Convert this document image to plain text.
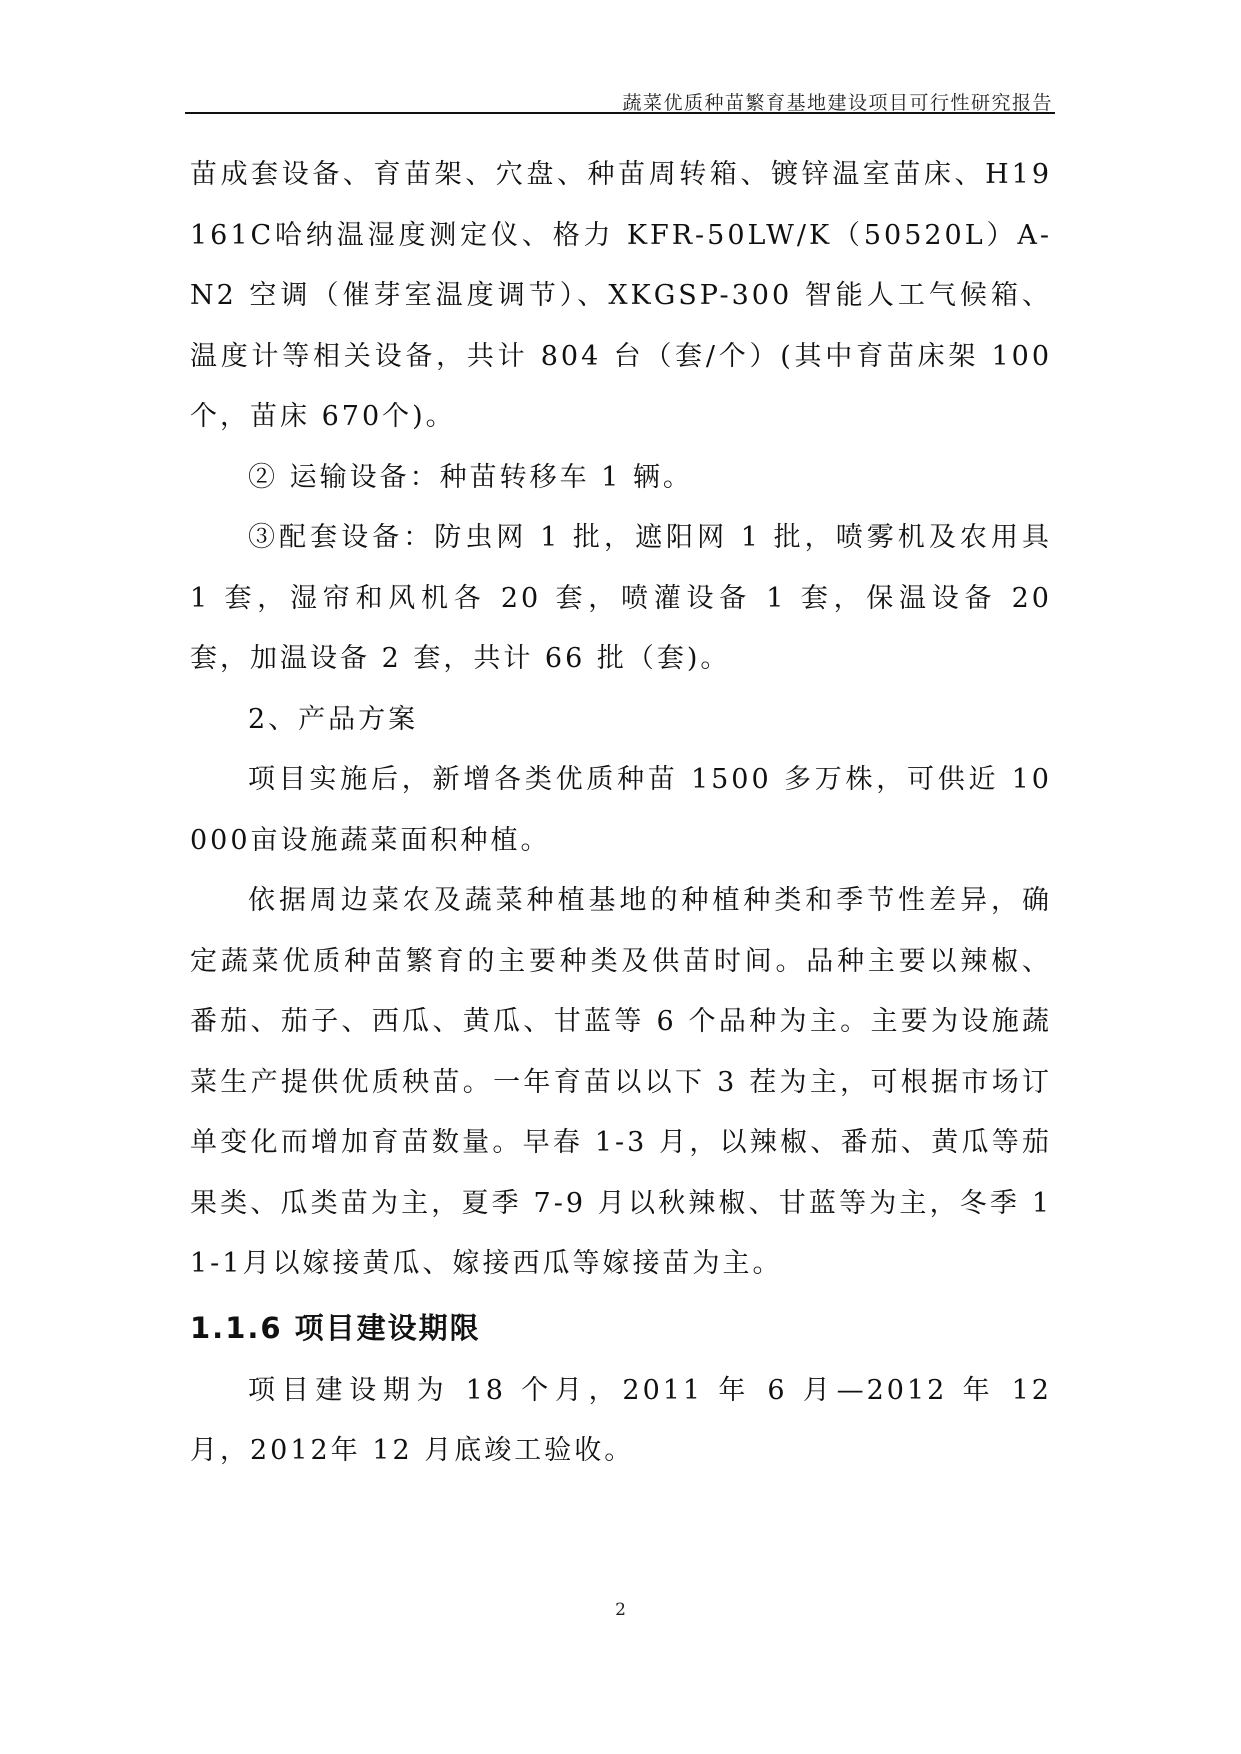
蔬菜优质种苗繁育基地建设项目可行性研究报告

苗成套设备、育苗架、穴盘、种苗周转箱、镀锌温室苗床、H19161C哈纳温湿度测定仪、格力 KFR-50LW/K（50520L）A-N2 空调（催芽室温度调节）、XKGSP-300 智能人工气候箱、温度计等相关设备，共计 804 台（套/个）(其中育苗床架 100 个，苗床 670个)。

② 运输设备：种苗转移车 1 辆。

③配套设备：防虫网 1 批，遮阳网 1 批，喷雾机及农用具 1 套，湿帘和风机各 20 套，喷灌设备 1 套，保温设备 20 套，加温设备 2 套，共计 66 批（套)。

2、产品方案

项目实施后，新增各类优质种苗 1500 多万株，可供近 10000亩设施蔬菜面积种植。

依据周边菜农及蔬菜种植基地的种植种类和季节性差异，确定蔬菜优质种苗繁育的主要种类及供苗时间。品种主要以辣椒、番茄、茄子、西瓜、黄瓜、甘蓝等 6 个品种为主。主要为设施蔬菜生产提供优质秧苗。一年育苗以以下 3 茬为主，可根据市场订单变化而增加育苗数量。早春 1-3 月，以辣椒、番茄、黄瓜等茄果类、瓜类苗为主，夏季 7-9 月以秋辣椒、甘蓝等为主，冬季 11-1月以嫁接黄瓜、嫁接西瓜等嫁接苗为主。

1.1.6 项目建设期限

项目建设期为 18 个月，2011 年 6 月—2012 年 12 月，2012年 12 月底竣工验收。

2
